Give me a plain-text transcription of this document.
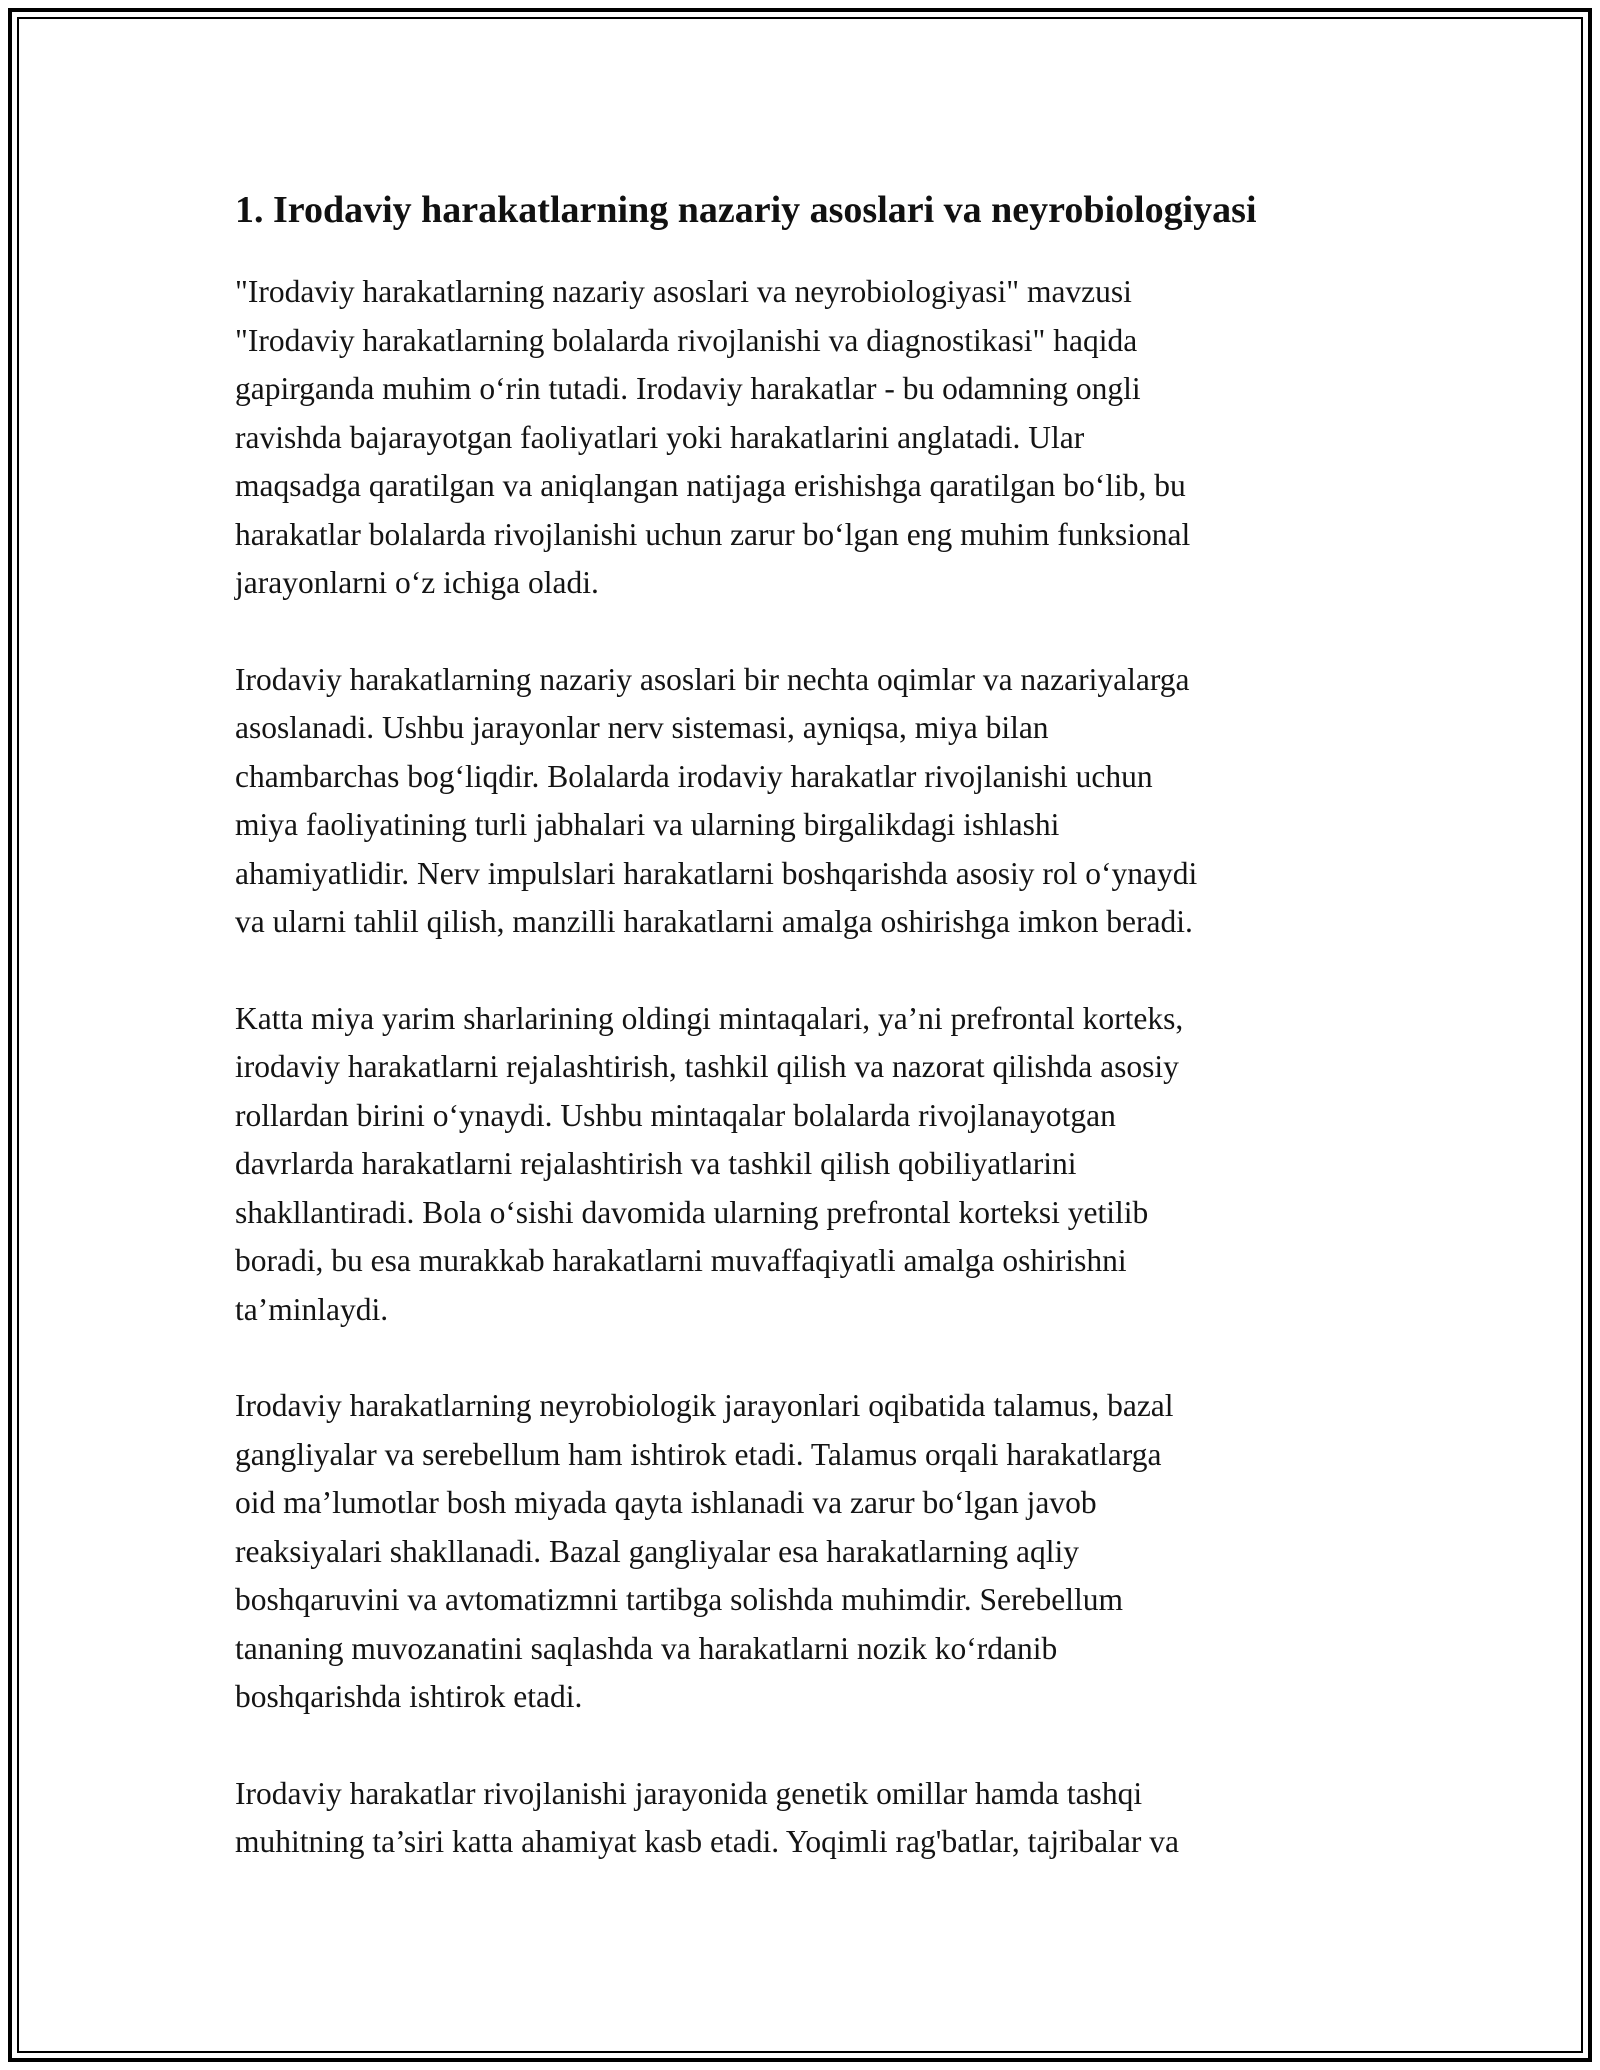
1. Irodaviy harakatlarning nazariy asoslari va neyrobiologiyasi

"Irodaviy harakatlarning nazariy asoslari va neyrobiologiyasi" mavzusi
"Irodaviy harakatlarning bolalarda rivojlanishi va diagnostikasi" haqida
gapirganda muhim o‘rin tutadi. Irodaviy harakatlar - bu odamning ongli
ravishda bajarayotgan faoliyatlari yoki harakatlarini anglatadi. Ular
maqsadga qaratilgan va aniqlangan natijaga erishishga qaratilgan bo‘lib, bu
harakatlar bolalarda rivojlanishi uchun zarur bo‘lgan eng muhim funksional
jarayonlarni o‘z ichiga oladi.

Irodaviy harakatlarning nazariy asoslari bir nechta oqimlar va nazariyalarga
asoslanadi. Ushbu jarayonlar nerv sistemasi, ayniqsa, miya bilan
chambarchas bog‘liqdir. Bolalarda irodaviy harakatlar rivojlanishi uchun
miya faoliyatining turli jabhalari va ularning birgalikdagi ishlashi
ahamiyatlidir. Nerv impulslari harakatlarni boshqarishda asosiy rol o‘ynaydi
va ularni tahlil qilish, manzilli harakatlarni amalga oshirishga imkon beradi.

Katta miya yarim sharlarining oldingi mintaqalari, ya’ni prefrontal korteks,
irodaviy harakatlarni rejalashtirish, tashkil qilish va nazorat qilishda asosiy
rollardan birini o‘ynaydi. Ushbu mintaqalar bolalarda rivojlanayotgan
davrlarda harakatlarni rejalashtirish va tashkil qilish qobiliyatlarini
shakllantiradi. Bola o‘sishi davomida ularning prefrontal korteksi yetilib
boradi, bu esa murakkab harakatlarni muvaffaqiyatli amalga oshirishni
ta’minlaydi.

Irodaviy harakatlarning neyrobiologik jarayonlari oqibatida talamus, bazal
gangliyalar va serebellum ham ishtirok etadi. Talamus orqali harakatlarga
oid ma’lumotlar bosh miyada qayta ishlanadi va zarur bo‘lgan javob
reaksiyalari shakllanadi. Bazal gangliyalar esa harakatlarning aqliy
boshqaruvini va avtomatizmni tartibga solishda muhimdir. Serebellum
tananing muvozanatini saqlashda va harakatlarni nozik ko‘rdanib
boshqarishda ishtirok etadi.

Irodaviy harakatlar rivojlanishi jarayonida genetik omillar hamda tashqi
muhitning ta’siri katta ahamiyat kasb etadi. Yoqimli rag'batlar, tajribalar va
